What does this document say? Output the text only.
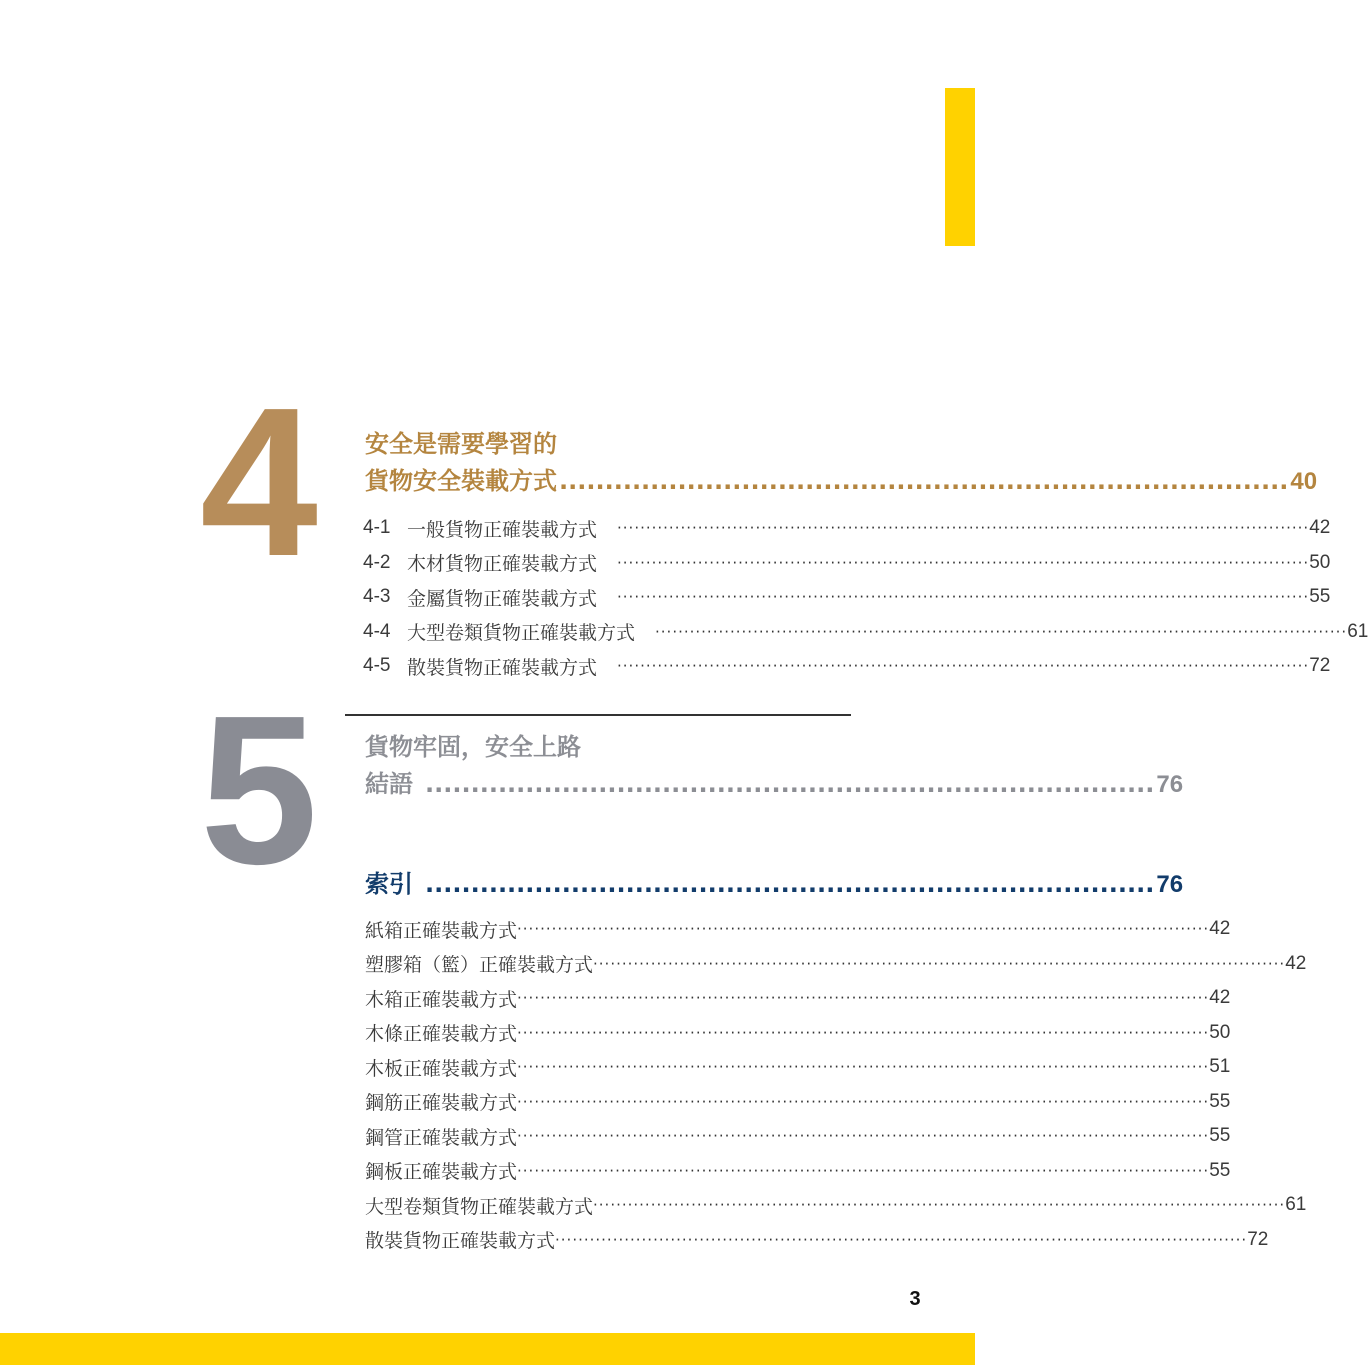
4 安全是需要學習的
貨物安全裝載方式 ................................................................................ 40
4-1 一般貨物正確裝載方式 ························································································································ 42
4-2 木材貨物正確裝載方式 ························································································································ 50
4-3 金屬貨物正確裝載方式 ························································································································ 55
4-4 大型卷類貨物正確裝載方式 ························································································································ 61
4-5 散裝貨物正確裝載方式 ························································································································ 72
5 貨物牢固，安全上路
結語 ................................................................................ 76
索引 ................................................................................ 76
紙箱正確裝載方式 ························································································································ 42
塑膠箱（籃）正確裝載方式 ························································································································ 42
木箱正確裝載方式 ························································································································ 42
木條正確裝載方式 ························································································································ 50
木板正確裝載方式 ························································································································ 51
鋼筋正確裝載方式 ························································································································ 55
鋼管正確裝載方式 ························································································································ 55
鋼板正確裝載方式 ························································································································ 55
大型卷類貨物正確裝載方式 ························································································································ 61
散裝貨物正確裝載方式 ························································································································ 72
3
